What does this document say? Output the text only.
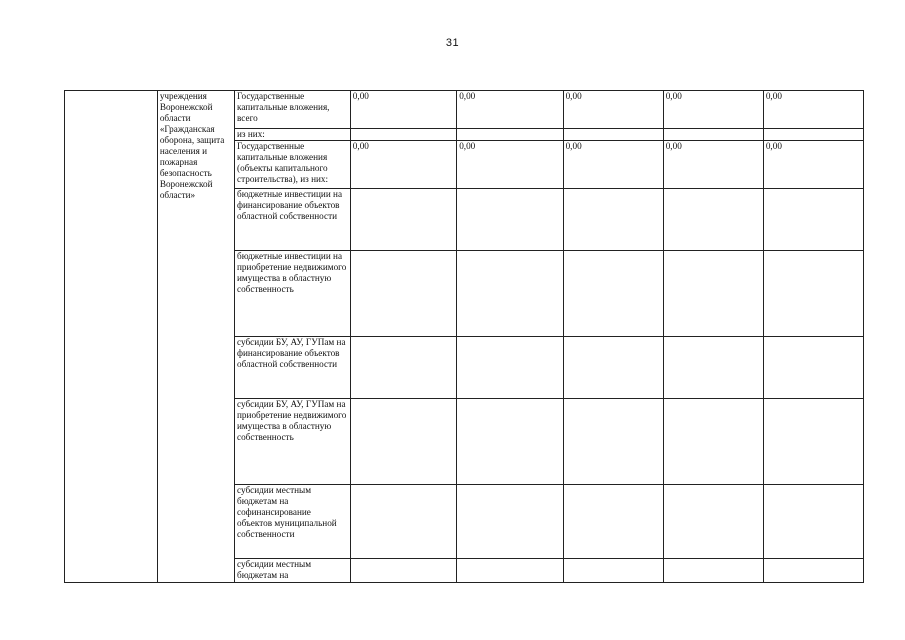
31
	учреждения Воронежской области «Гражданская оборона, защита населения и пожарная безопасность Воронежской области»	Государственные капитальные вложения, всего	0,00	0,00	0,00	0,00	0,00
		из них:					
		Государственные капитальные вложения (объекты капитального строительства), из них:	0,00	0,00	0,00	0,00	0,00
		бюджетные инвестиции на финансирование объектов областной собственности					
		бюджетные инвестиции на приобретение недвижимого имущества в областную собственность					
		субсидии БУ, АУ, ГУПам на финансирование объектов областной собственности					
		субсидии БУ, АУ, ГУПам на приобретение недвижимого имущества в областную собственность					
		субсидии местным бюджетам на софинансирование объектов муниципальной собственности					
		субсидии местным бюджетам на					
